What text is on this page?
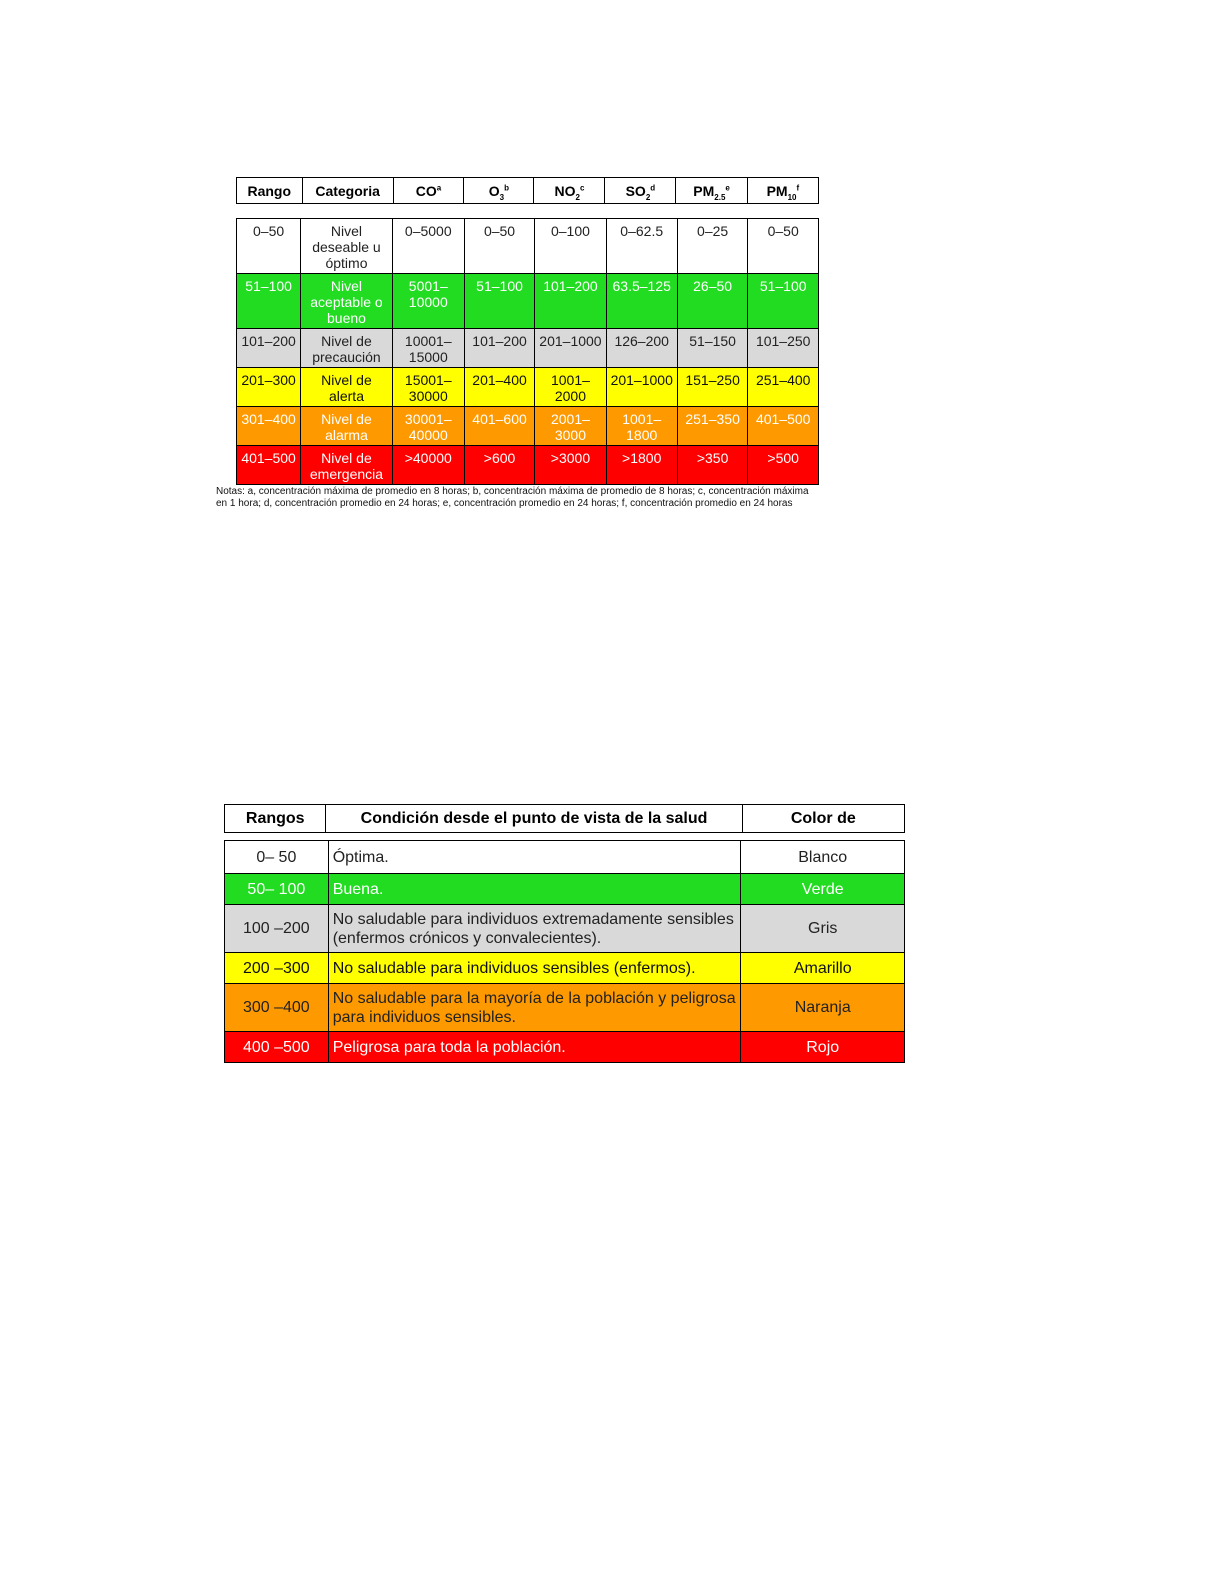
Rango	Categoria	$CO^a$	$O_3^b$	$NO_2^c$	$SO_2^d$	$PM_{2.5}^e$	$PM_{10}^f$
0–50	Nivel deseable u óptimo	0–5000	0–50	0–100	0–62.5	0–25	0–50
51–100	Nivel aceptable o bueno	5001–10000	51–100	101–200	63.5–125	26–50	51–100
101–200	Nivel de precaución	10001–15000	101–200	201–1000	126–200	51–150	101–250
201–300	Nivel de alerta	15001–30000	201–400	1001–2000	201–1000	151–250	251–400
301–400	Nivel de alarma	30001–40000	401–600	2001–3000	1001–1800	251–350	401–500
401–500	Nivel de emergencia	>40000	>600	>3000	>1800	>350	>500
Notas: a, concentración máxima de promedio en 8 horas; b, concentración máxima de promedio de 8 horas; c, concentración máxima
en 1 hora; d, concentración promedio en 24 horas; e, concentración promedio en 24 horas; f, concentración promedio en 24 horas
Rangos	Condición desde el punto de vista de la salud	Color de
0– 50	Óptima.	Blanco
50– 100	Buena.	Verde
100 –200	No saludable para individuos extremadamente sensibles (enfermos crónicos y convalecientes).	Gris
200 –300	No saludable para individuos sensibles (enfermos).	Amarillo
300 –400	No saludable para la mayoría de la población y peligrosa para individuos sensibles.	Naranja
400 –500	Peligrosa para toda la población.	Rojo
